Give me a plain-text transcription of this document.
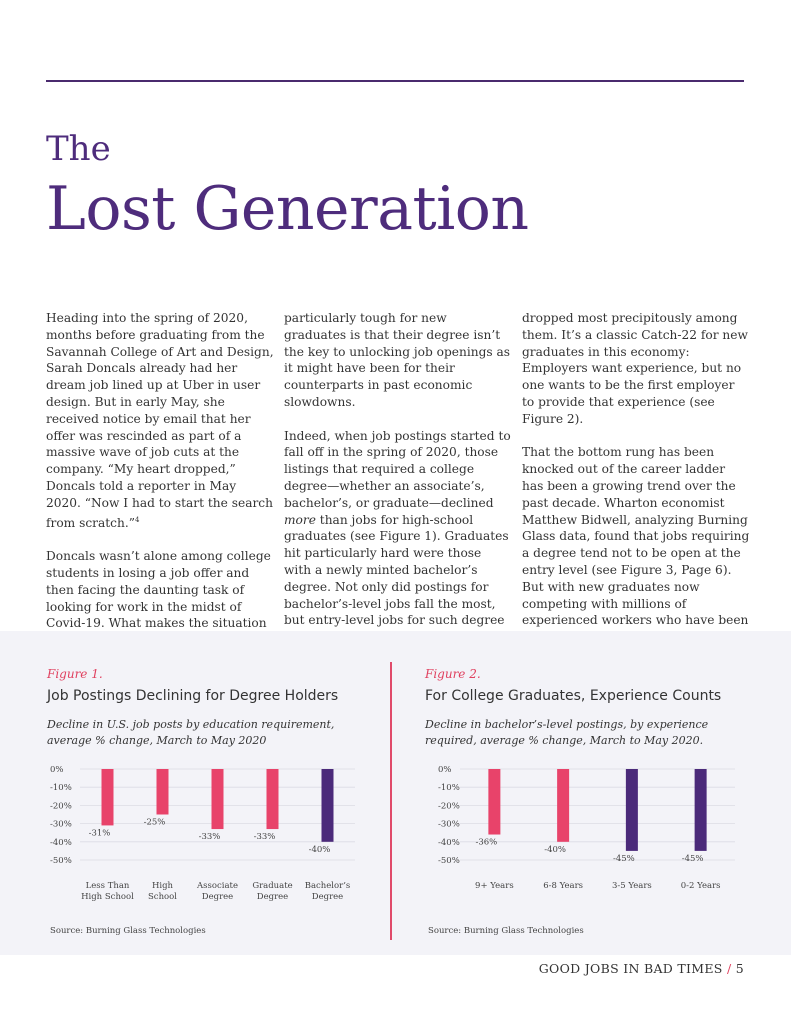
The
Lost Generation

Heading into the spring of 2020, months before graduating from the Savannah College of Art and Design, Sarah Doncals already had her dream job lined up at Uber in user design. But in early May, she received notice by email that her offer was rescinded as part of a massive wave of job cuts at the company. “My heart dropped,” Doncals told a reporter in May 2020. “Now I had to start the search from scratch.”$^4$

Doncals wasn’t alone among college students in losing a job offer and then facing the daunting task of looking for work in the midst of Covid-19. What makes the situation

particularly tough for new graduates is that their degree isn’t the key to unlocking job openings as it might have been for their counterparts in past economic slowdowns.

Indeed, when job postings started to fall off in the spring of 2020, those listings that required a college degree—whether an associate’s, bachelor’s, or graduate—declined more than jobs for high-school graduates (see Figure 1). Graduates hit particularly hard were those with a newly minted bachelor’s degree. Not only did postings for bachelor’s-level jobs fall the most, but entry-level jobs for such degree

dropped most precipitously among them. It’s a classic Catch-22 for new graduates in this economy: Employers want experience, but no one wants to be the first employer to provide that experience (see Figure 2).

That the bottom rung has been knocked out of the career ladder has been a growing trend over the past decade. Wharton economist Matthew Bidwell, analyzing Burning Glass data, found that jobs requiring a degree tend not to be open at the entry level (see Figure 3, Page 6). But with new graduates now competing with millions of experienced workers who have been

Figure 1.
Job Postings Declining for Degree Holders
Decline in U.S. job posts by education requirement, average % change, March to May 2020
0%
-10%
-20%
-30%
-40%
-50%
-31%
Less Than
High School
-25%
High
School
-33%
Associate
Degree
-33%
Graduate
Degree
-40%
Bachelor’s
Degree
Source: Burning Glass Technologies
Figure 2.
For College Graduates, Experience Counts
Decline in bachelor’s-level postings, by experience required, average % change, March to May 2020.
0%
-10%
-20%
-30%
-40%
-50%
-36%
9+ Years
-40%
6-8 Years
-45%
3-5 Years
-45%
0-2 Years
Source: Burning Glass Technologies
GOOD JOBS IN BAD TIMES / 5
